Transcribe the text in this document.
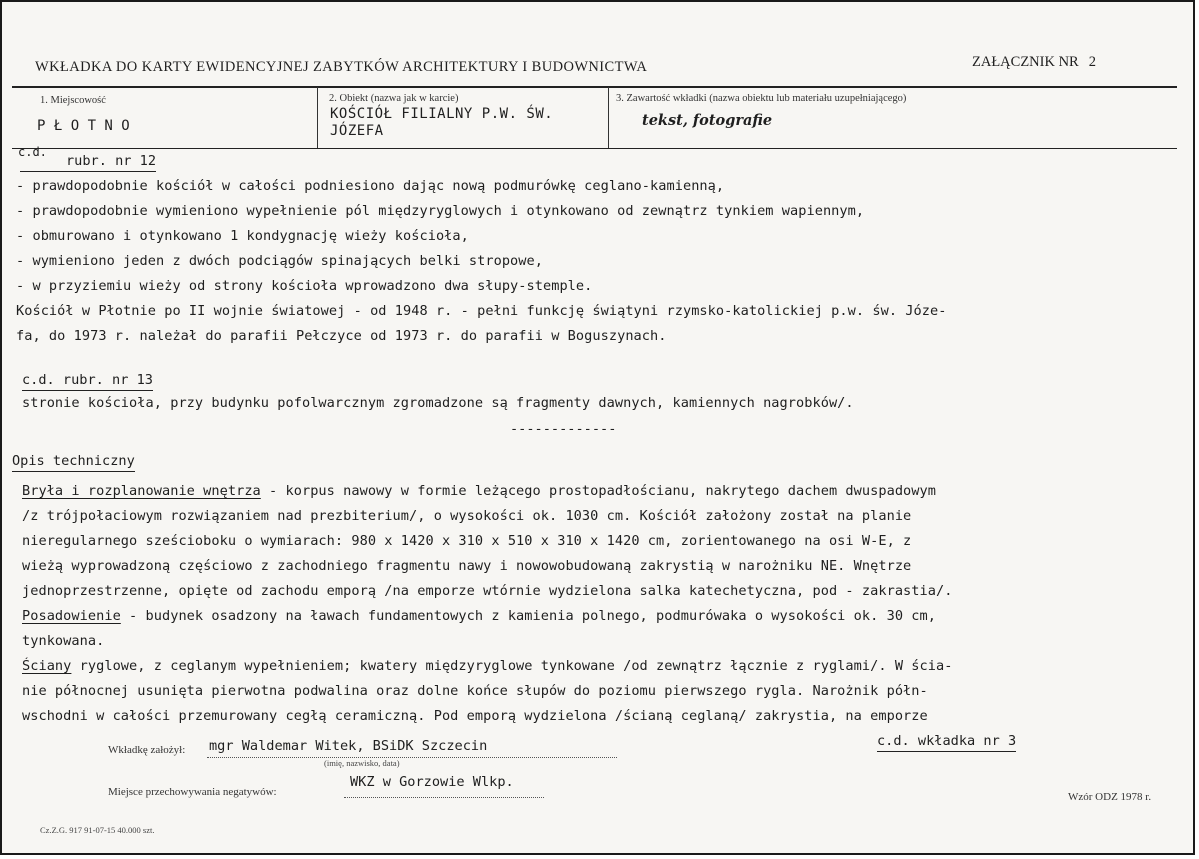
WKŁADKA DO KARTY EWIDENCYJNEJ ZABYTKÓW ARCHITEKTURY I BUDOWNICTWA	ZAŁĄCZNIK NR 2
1. Miejscowość
P Ł O T N O
2. Obiekt (nazwa jak w karcie)
KOŚCIÓŁ FILIALNY P.W. ŚW.
JÓZEFA
3. Zawartość wkładki (nazwa obiektu lub materiału uzupełniającego)
tekst, fotografie
c.d.
rubr. nr 12
- prawdopodobnie kościół w całości podniesiono dając nową podmurówkę ceglano-kamienną,
- prawdopodobnie wymieniono wypełnienie pól międzyryglowych i otynkowano od zewnątrz tynkiem wapiennym,
- obmurowano i otynkowano 1 kondygnację wieży kościoła,
- wymieniono jeden z dwóch podciągów spinających belki stropowe,
- w przyziemiu wieży od strony kościoła wprowadzono dwa słupy-stemple.
Kościół w Płotnie po II wojnie światowej - od 1948 r. - pełni funkcję świątyni rzymsko-katolickiej p.w. św. Józe-
fa, do 1973 r. należał do parafii Pełczyce od 1973 r. do parafii w Boguszynach.
c.d. rubr. nr 13
stronie kościoła, przy budynku pofolwarcznym zgromadzone są fragmenty dawnych, kamiennych nagrobków/.
-------------
Opis techniczny
Bryła i rozplanowanie wnętrza - korpus nawowy w formie leżącego prostopadłościanu, nakrytego dachem dwuspadowym
/z trójpołaciowym rozwiązaniem nad prezbiterium/, o wysokości ok. 1030 cm. Kościół założony został na planie
nieregularnego sześcioboku o wymiarach: 980 x 1420 x 310 x 510 x 310 x 1420 cm, zorientowanego na osi W-E, z
wieżą wyprowadzoną częściowo z zachodniego fragmentu nawy i nowowobudowaną zakrystią w narożniku NE. Wnętrze
jednoprzestrzenne, opięte od zachodu emporą /na emporze wtórnie wydzielona salka katechetyczna, pod - zakrastia/.
Posadowienie - budynek osadzony na ławach fundamentowych z kamienia polnego, podmurówaka o wysokości ok. 30 cm,
tynkowana.
Ściany ryglowe, z ceglanym wypełnieniem; kwatery międzyryglowe tynkowane /od zewnątrz łącznie z ryglami/. W ścia-
nie północnej usunięta pierwotna podwalina oraz dolne końce słupów do poziomu pierwszego rygla. Narożnik półn-
wschodni w całości przemurowany cegłą ceramiczną. Pod emporą wydzielona /ścianą ceglaną/ zakrystia, na emporze
Wkładkę założył: mgr Waldemar Witek, BSiDK Szczecin
(imię, nazwisko, data)
c.d. wkładka nr 3
Miejsce przechowywania negatywów:
WKZ w Gorzowie Wlkp.
Wzór ODZ 1978 r.
Cz.Z.G. 917 91-07-15 40.000 szt.
